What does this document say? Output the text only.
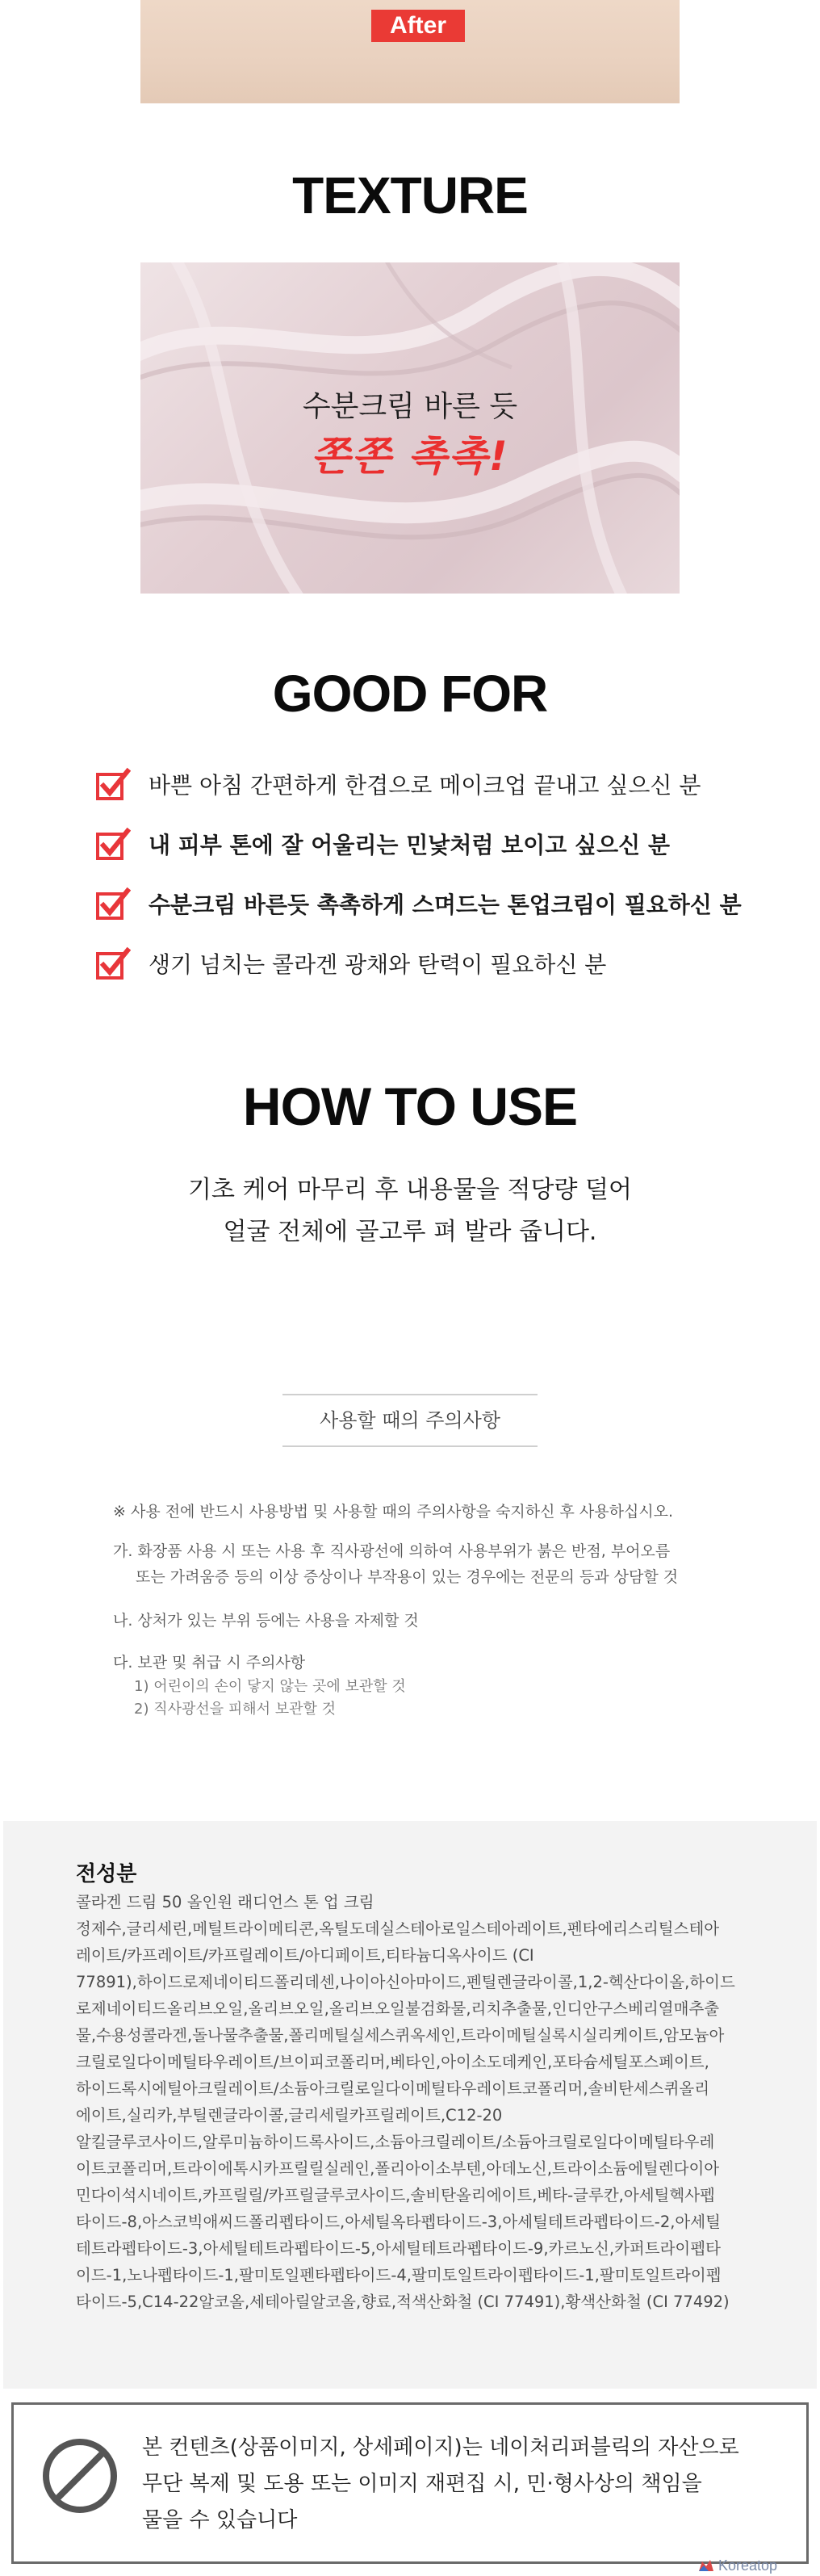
After
TEXTURE
수분크림 바른 듯
쫀쫀 촉촉!
GOOD FOR
바쁜 아침 간편하게 한겹으로 메이크업 끝내고 싶으신 분
내 피부 톤에 잘 어울리는 민낯처럼 보이고 싶으신 분
수분크림 바른듯 촉촉하게 스며드는 톤업크림이 필요하신 분
생기 넘치는 콜라겐 광채와 탄력이 필요하신 분
HOW TO USE
기초 케어 마무리 후 내용물을 적당량 덜어
얼굴 전체에 골고루 펴 발라 줍니다.
사용할 때의 주의사항
※ 사용 전에 반드시 사용방법 및 사용할 때의 주의사항을 숙지하신 후 사용하십시오.
가. 화장품 사용 시 또는 사용 후 직사광선에 의하여 사용부위가 붉은 반점, 부어오름
또는 가려움증 등의 이상 증상이나 부작용이 있는 경우에는 전문의 등과 상담할 것
나. 상처가 있는 부위 등에는 사용을 자제할 것
다. 보관 및 취급 시 주의사항
1) 어린이의 손이 닿지 않는 곳에 보관할 것
2) 직사광선을 피해서 보관할 것
전성분
콜라겐 드림 50 올인원 래디언스 톤 업 크림
정제수,글리세린,메틸트라이메티콘,옥틸도데실스테아로일스테아레이트,펜타에리스리틸스테아
레이트/카프레이트/카프릴레이트/아디페이트,티타늄디옥사이드 (CI
77891),하이드로제네이티드폴리데센,나이아신아마이드,펜틸렌글라이콜,1,2-헥산다이올,하이드
로제네이티드올리브오일,올리브오일,올리브오일불검화물,리치추출물,인디안구스베리열매추출
물,수용성콜라겐,돌나물추출물,폴리메틸실세스퀴옥세인,트라이메틸실록시실리케이트,암모늄아
크릴로일다이메틸타우레이트/브이피코폴리머,베타인,아이소도데케인,포타슘세틸포스페이트,
하이드록시에틸아크릴레이트/소듐아크릴로일다이메틸타우레이트코폴리머,솔비탄세스퀴올리
에이트,실리카,부틸렌글라이콜,글리세릴카프릴레이트,C12-20
알킬글루코사이드,알루미늄하이드록사이드,소듐아크릴레이트/소듐아크릴로일다이메틸타우레
이트코폴리머,트라이에톡시카프릴릴실레인,폴리아이소부텐,아데노신,트라이소듐에틸렌다이아
민다이석시네이트,카프릴릴/카프릴글루코사이드,솔비탄올리에이트,베타-글루칸,아세틸헥사펩
타이드-8,아스코빅애씨드폴리펩타이드,아세틸옥타펩타이드-3,아세틸테트라펩타이드-2,아세틸
테트라펩타이드-3,아세틸테트라펩타이드-5,아세틸테트라펩타이드-9,카르노신,카퍼트라이펩타
이드-1,노나펩타이드-1,팔미토일펜타펩타이드-4,팔미토일트라이펩타이드-1,팔미토일트라이펩
타이드-5,C14-22알코올,세테아릴알코올,향료,적색산화철 (CI 77491),황색산화철 (CI 77492)
본 컨텐츠(상품이미지, 상세페이지)는 네이처리퍼블릭의 자산으로
무단 복제 및 도용 또는 이미지 재편집 시, 민·형사상의 책임을
물을 수 있습니다
Koreatop
